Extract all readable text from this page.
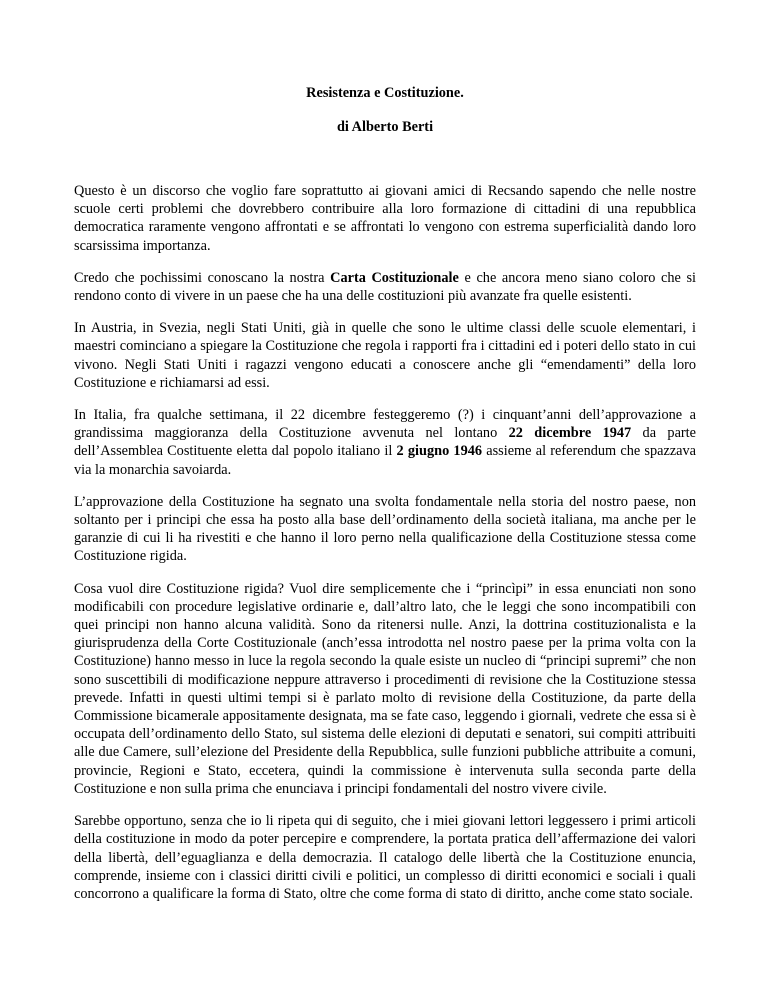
Resistenza e Costituzione.

di Alberto Berti

Questo è un discorso che voglio fare soprattutto ai giovani amici di Recsando sapendo che nelle nostre scuole certi problemi che dovrebbero contribuire alla loro formazione di cittadini di una repubblica democratica raramente vengono affrontati e se affrontati lo vengono con estrema superficialità dando loro scarsissima importanza.

Credo che pochissimi conoscano la nostra Carta Costituzionale e che ancora meno siano coloro che si rendono conto di vivere in un paese che ha una delle costituzioni più avanzate fra quelle esistenti.

In Austria, in Svezia, negli Stati Uniti, già in quelle che sono le ultime classi delle scuole elementari, i maestri cominciano a spiegare la Costituzione che regola i rapporti fra i cittadini ed i poteri dello stato in cui vivono. Negli Stati Uniti i ragazzi vengono educati a conoscere anche gli “emendamenti” della loro Costituzione e richiamarsi ad essi.

In Italia, fra qualche settimana, il 22 dicembre festeggeremo (?) i cinquant’anni dell’approvazione a grandissima maggioranza della Costituzione avvenuta nel lontano 22 dicembre 1947 da parte dell’Assemblea Costituente eletta dal popolo italiano il 2 giugno 1946 assieme al referendum che spazzava via la monarchia savoiarda.

L’approvazione della Costituzione ha segnato una svolta fondamentale nella storia del nostro paese, non soltanto per i principi che essa ha posto alla base dell’ordinamento della società italiana, ma anche per le garanzie di cui li ha rivestiti e che hanno il loro perno nella qualificazione della Costituzione stessa come Costituzione rigida.

Cosa vuol dire Costituzione rigida? Vuol dire semplicemente che i “princìpi” in essa enunciati non sono modificabili con procedure legislative ordinarie e, dall’altro lato, che le leggi che sono incompatibili con quei principi non hanno alcuna validità. Sono da ritenersi nulle. Anzi, la dottrina costituzionalista e la giurisprudenza della Corte Costituzionale (anch’essa introdotta nel nostro paese per la prima volta con la Costituzione) hanno messo in luce la regola secondo la quale esiste un nucleo di “principi supremi” che non sono suscettibili di modificazione neppure attraverso i procedimenti di revisione che la Costituzione stessa prevede. Infatti in questi ultimi tempi si è parlato molto di revisione della Costituzione, da parte della Commissione bicamerale appositamente designata, ma se fate caso, leggendo i giornali, vedrete che essa si è occupata dell’ordinamento dello Stato, sul sistema delle elezioni di deputati e senatori, sui compiti attribuiti alle due Camere, sull’elezione del Presidente della Repubblica, sulle funzioni pubbliche attribuite a comuni, provincie, Regioni e Stato, eccetera, quindi la commissione è intervenuta sulla seconda parte della Costituzione e non sulla prima che enunciava i principi fondamentali del nostro vivere civile.

Sarebbe opportuno, senza che io li ripeta qui di seguito, che i miei giovani lettori leggessero i primi articoli della costituzione in modo da poter percepire e comprendere, la portata pratica dell’affermazione dei valori della libertà, dell’eguaglianza e della democrazia. Il catalogo delle libertà che la Costituzione enuncia, comprende, insieme con i classici diritti civili e politici, un complesso di diritti economici e sociali i quali concorrono a qualificare la forma di Stato, oltre che come forma di stato di diritto, anche come stato sociale.
